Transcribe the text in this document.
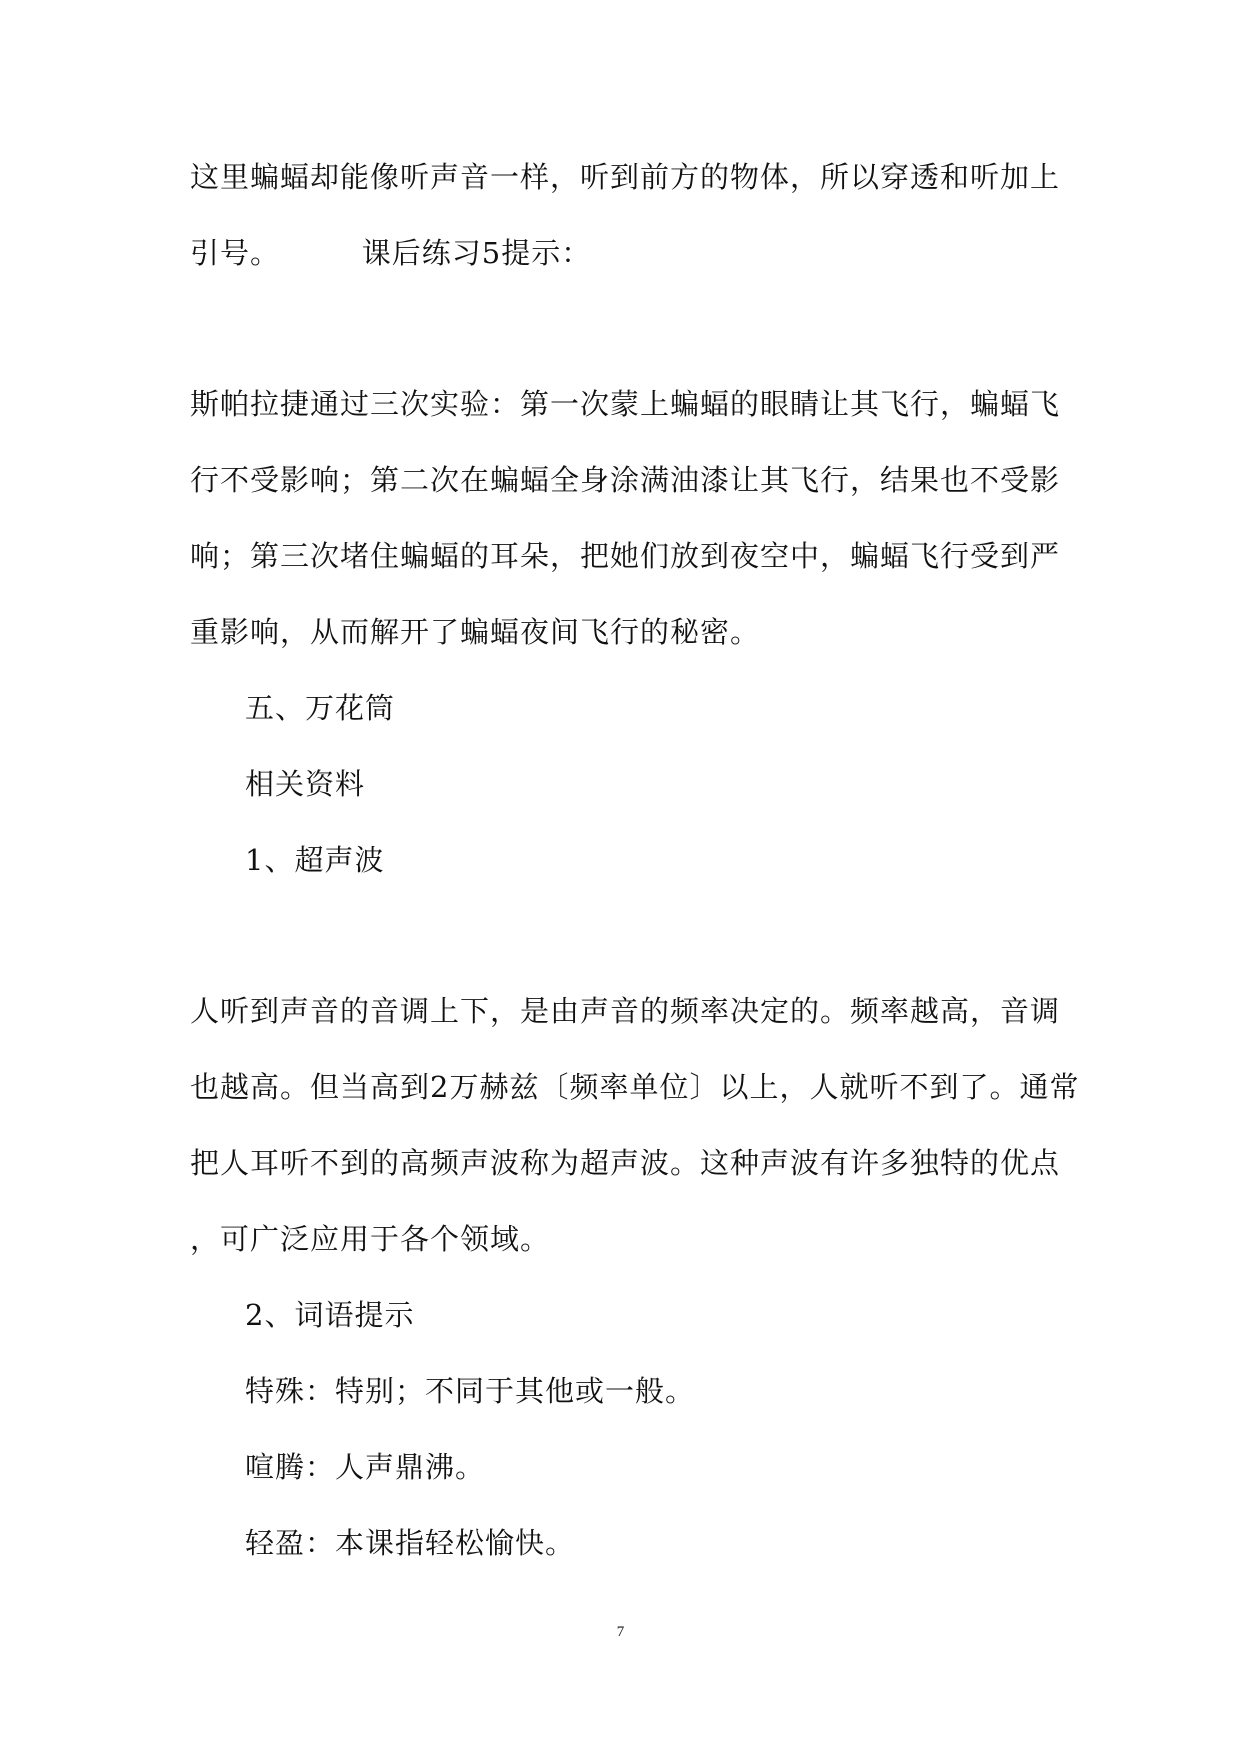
这里蝙蝠却能像听声音一样，听到前方的物体，所以穿透和听加上
引号。        课后练习5提示：
斯帕拉捷通过三次实验：第一次蒙上蝙蝠的眼睛让其飞行，蝙蝠飞
行不受影响；第二次在蝙蝠全身涂满油漆让其飞行，结果也不受影
响；第三次堵住蝙蝠的耳朵，把她们放到夜空中，蝙蝠飞行受到严
重影响，从而解开了蝙蝠夜间飞行的秘密。
五、万花筒
相关资料
1、超声波
人听到声音的音调上下，是由声音的频率决定的。频率越高，音调
也越高。但当高到2万赫兹〔频率单位〕以上，人就听不到了。通常
把人耳听不到的高频声波称为超声波。这种声波有许多独特的优点
，可广泛应用于各个领域。
2、词语提示
特殊：特别；不同于其他或一般。
喧腾：人声鼎沸。
轻盈：本课指轻松愉快。
7
